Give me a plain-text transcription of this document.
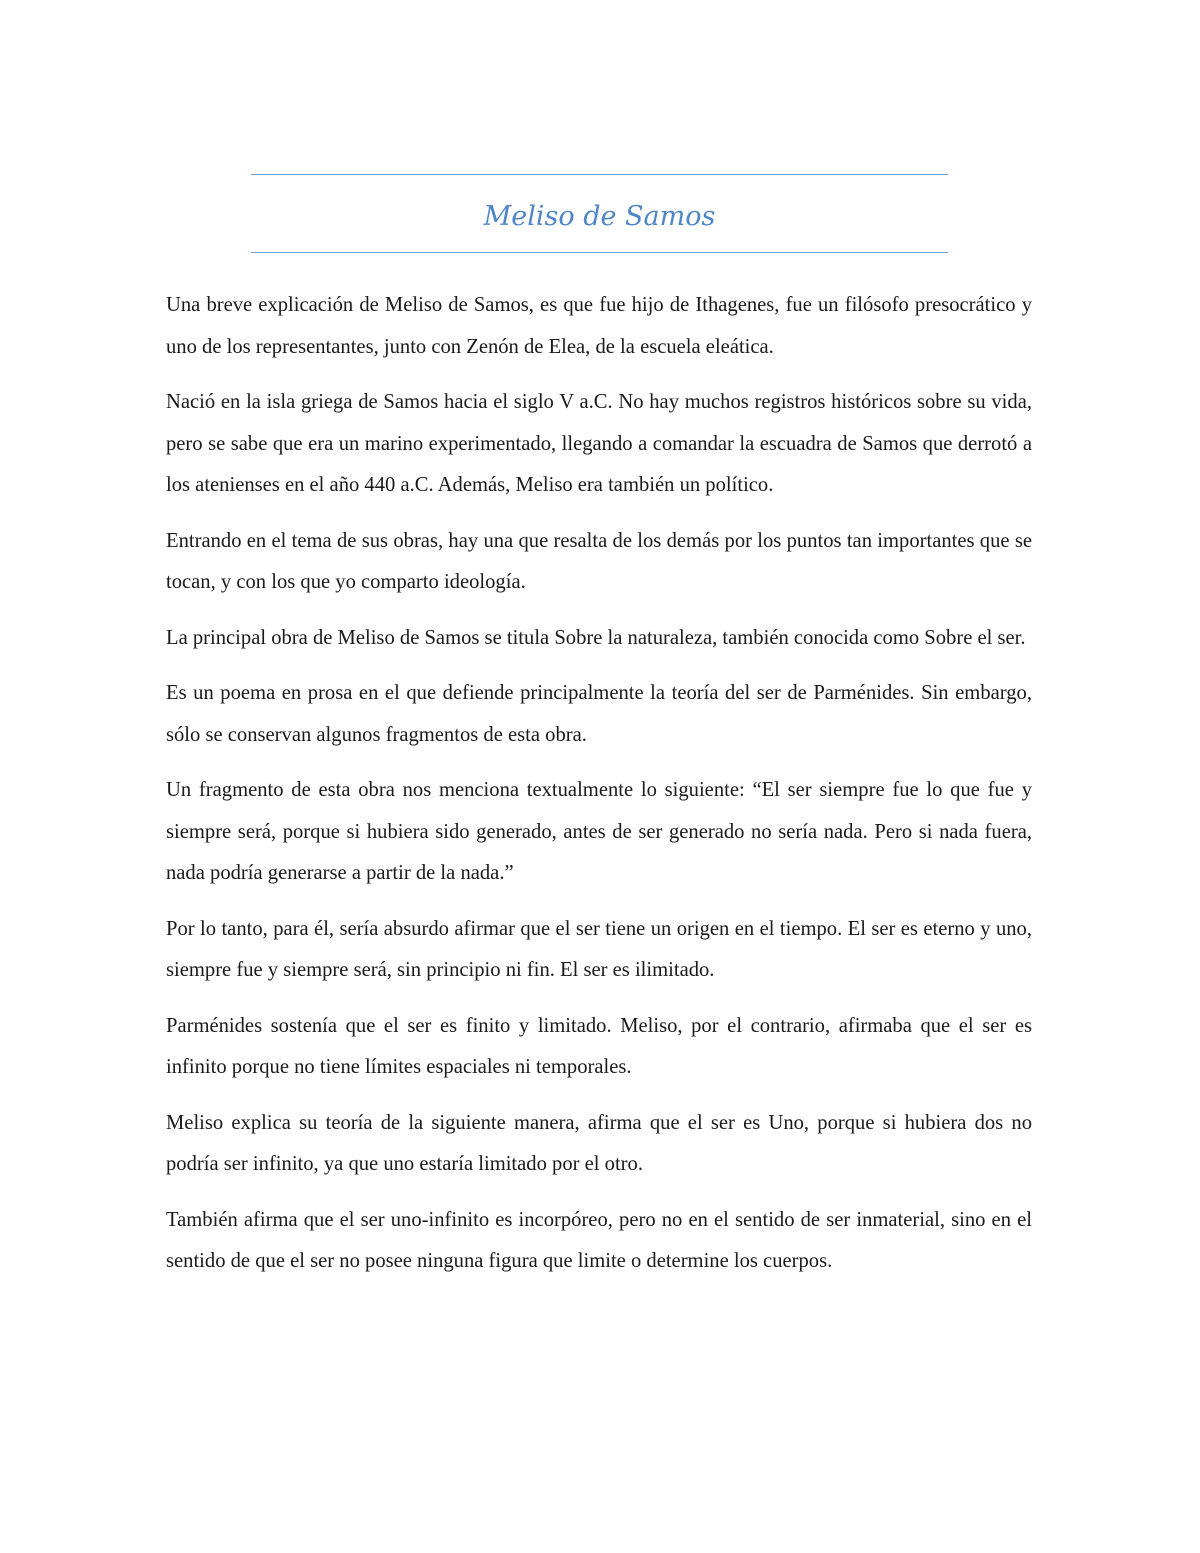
Meliso de Samos

Una breve explicación de Meliso de Samos, es que fue hijo de Ithagenes, fue un filósofo presocrático y uno de los representantes, junto con Zenón de Elea, de la escuela eleática.

Nació en la isla griega de Samos hacia el siglo V a.C. No hay muchos registros históricos sobre su vida, pero se sabe que era un marino experimentado, llegando a comandar la escuadra de Samos que derrotó a los atenienses en el año 440 a.C. Además, Meliso era también un político.

Entrando en el tema de sus obras, hay una que resalta de los demás por los puntos tan importantes que se tocan, y con los que yo comparto ideología.

La principal obra de Meliso de Samos se titula Sobre la naturaleza, también conocida como Sobre el ser.

Es un poema en prosa en el que defiende principalmente la teoría del ser de Parménides. Sin embargo, sólo se conservan algunos fragmentos de esta obra.

Un fragmento de esta obra nos menciona textualmente lo siguiente: “El ser siempre fue lo que fue y siempre será, porque si hubiera sido generado, antes de ser generado no sería nada. Pero si nada fuera, nada podría generarse a partir de la nada.”

Por lo tanto, para él, sería absurdo afirmar que el ser tiene un origen en el tiempo. El ser es eterno y uno, siempre fue y siempre será, sin principio ni fin. El ser es ilimitado.

Parménides sostenía que el ser es finito y limitado. Meliso, por el contrario, afirmaba que el ser es infinito porque no tiene límites espaciales ni temporales.

Meliso explica su teoría de la siguiente manera, afirma que el ser es Uno, porque si hubiera dos no podría ser infinito, ya que uno estaría limitado por el otro.

También afirma que el ser uno-infinito es incorpóreo, pero no en el sentido de ser inmaterial, sino en el sentido de que el ser no posee ninguna figura que limite o determine los cuerpos.
